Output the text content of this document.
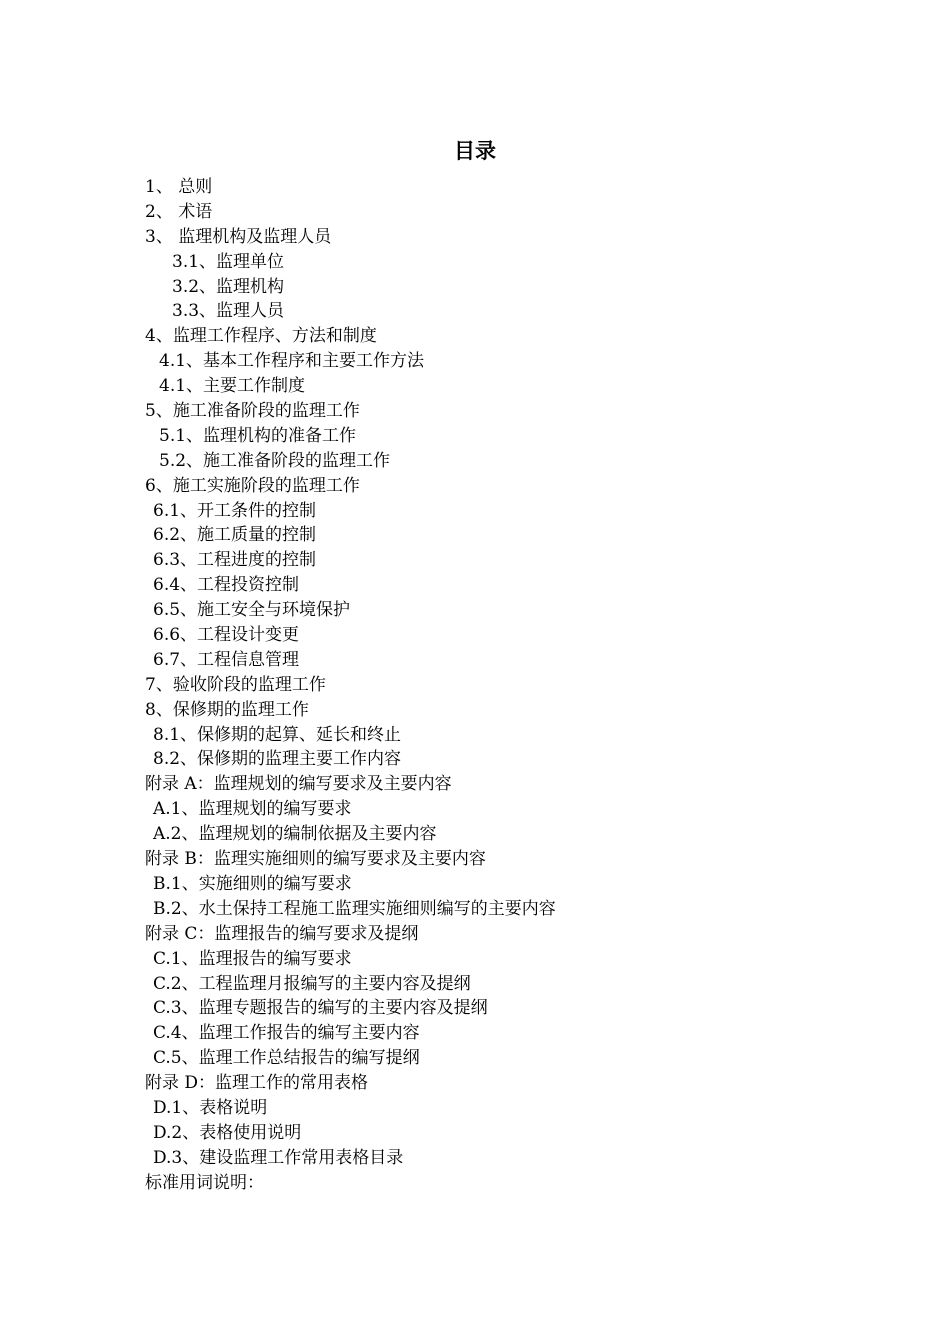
目录
1、 总则
2、 术语
3、 监理机构及监理人员
3.1、监理单位
3.2、监理机构
3.3、监理人员
4、监理工作程序、方法和制度
4.1、基本工作程序和主要工作方法
4.1、主要工作制度
5、施工准备阶段的监理工作
5.1、监理机构的准备工作
5.2、施工准备阶段的监理工作
6、施工实施阶段的监理工作
6.1、开工条件的控制
6.2、施工质量的控制
6.3、工程进度的控制
6.4、工程投资控制
6.5、施工安全与环境保护
6.6、工程设计变更
6.7、工程信息管理
7、验收阶段的监理工作
8、保修期的监理工作
8.1、保修期的起算、延长和终止
8.2、保修期的监理主要工作内容
附录 A：监理规划的编写要求及主要内容
A.1、监理规划的编写要求
A.2、监理规划的编制依据及主要内容
附录 B：监理实施细则的编写要求及主要内容
B.1、实施细则的编写要求
B.2、水土保持工程施工监理实施细则编写的主要内容
附录 C：监理报告的编写要求及提纲
C.1、监理报告的编写要求
C.2、工程监理月报编写的主要内容及提纲
C.3、监理专题报告的编写的主要内容及提纲
C.4、监理工作报告的编写主要内容
C.5、监理工作总结报告的编写提纲
附录 D：监理工作的常用表格
D.1、表格说明
D.2、表格使用说明
D.3、建设监理工作常用表格目录
标准用词说明：
